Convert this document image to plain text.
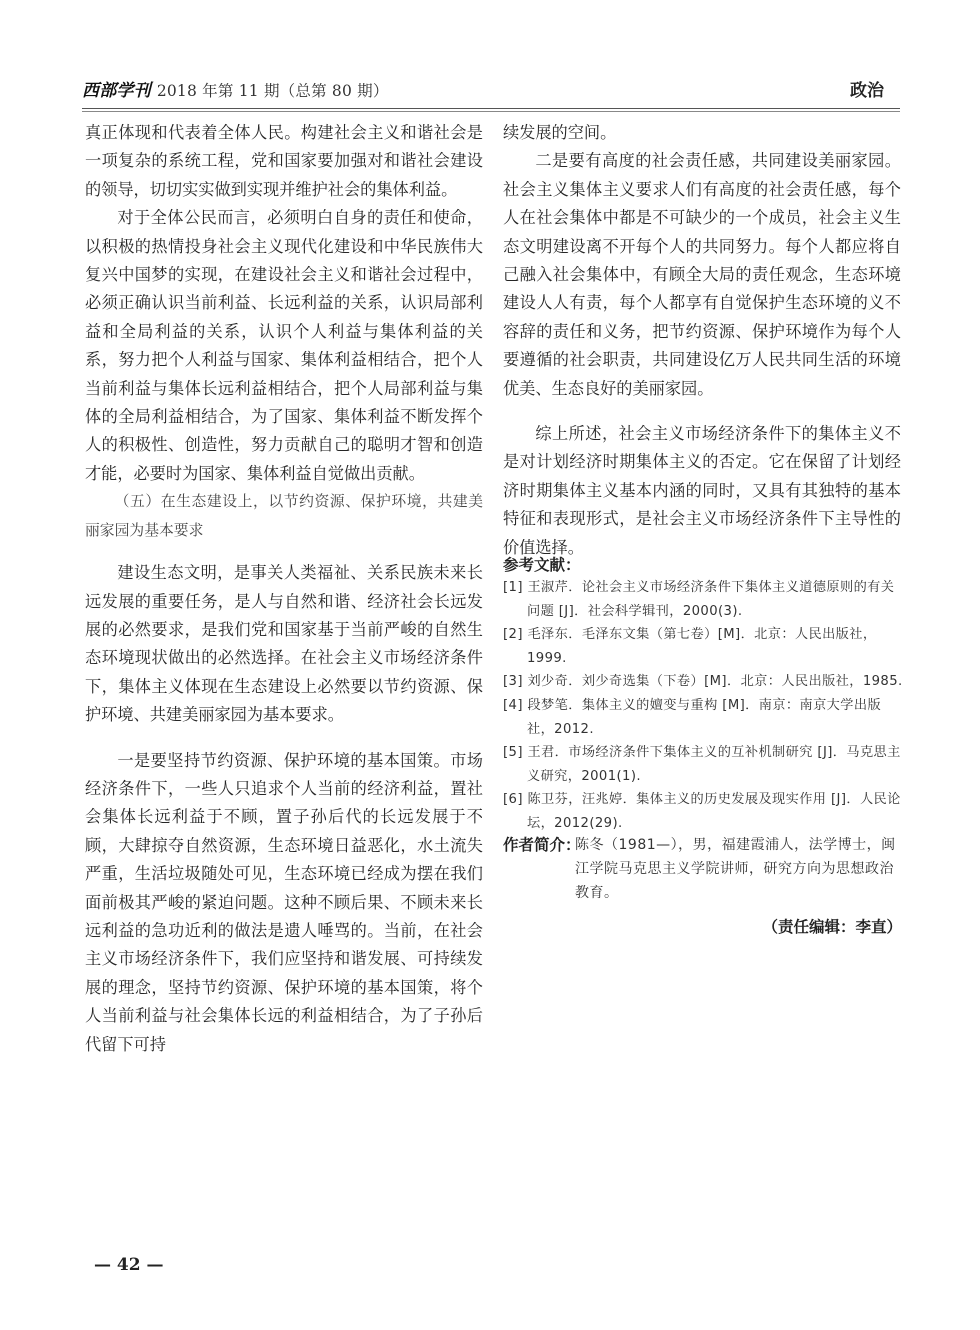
西部学刊 2018 年第 11 期（总第 80 期）	政治

真正体现和代表着全体人民。构建社会主义和谐社会是一项复杂的系统工程，党和国家要加强对和谐社会建设的领导，切切实实做到实现并维护社会的集体利益。

对于全体公民而言，必须明白自身的责任和使命，以积极的热情投身社会主义现代化建设和中华民族伟大复兴中国梦的实现，在建设社会主义和谐社会过程中，必须正确认识当前利益、长远利益的关系，认识局部利益和全局利益的关系，认识个人利益与集体利益的关系，努力把个人利益与国家、集体利益相结合，把个人当前利益与集体长远利益相结合，把个人局部利益与集体的全局利益相结合，为了国家、集体利益不断发挥个人的积极性、创造性，努力贡献自己的聪明才智和创造才能，必要时为国家、集体利益自觉做出贡献。

（五）在生态建设上，以节约资源、保护环境，共建美丽家园为基本要求

建设生态文明，是事关人类福祉、关系民族未来长远发展的重要任务，是人与自然和谐、经济社会长远发展的必然要求，是我们党和国家基于当前严峻的自然生态环境现状做出的必然选择。在社会主义市场经济条件下，集体主义体现在生态建设上必然要以节约资源、保护环境、共建美丽家园为基本要求。

一是要坚持节约资源、保护环境的基本国策。市场经济条件下，一些人只追求个人当前的经济利益，置社会集体长远利益于不顾，置子孙后代的长远发展于不顾，大肆掠夺自然资源，生态环境日益恶化，水土流失严重，生活垃圾随处可见，生态环境已经成为摆在我们面前极其严峻的紧迫问题。这种不顾后果、不顾未来长远利益的急功近利的做法是遗人唾骂的。当前，在社会主义市场经济条件下，我们应坚持和谐发展、可持续发展的理念，坚持节约资源、保护环境的基本国策，将个人当前利益与社会集体长远的利益相结合，为了子孙后代留下可持

续发展的空间。

二是要有高度的社会责任感，共同建设美丽家园。社会主义集体主义要求人们有高度的社会责任感，每个人在社会集体中都是不可缺少的一个成员，社会主义生态文明建设离不开每个人的共同努力。每个人都应将自己融入社会集体中，有顾全大局的责任观念，生态环境建设人人有责，每个人都享有自觉保护生态环境的义不容辞的责任和义务，把节约资源、保护环境作为每个人要遵循的社会职责，共同建设亿万人民共同生活的环境优美、生态良好的美丽家园。

综上所述，社会主义市场经济条件下的集体主义不是对计划经济时期集体主义的否定。它在保留了计划经济时期集体主义基本内涵的同时，又具有其独特的基本特征和表现形式，是社会主义市场经济条件下主导性的价值选择。

参考文献：
[1] 王淑芹．论社会主义市场经济条件下集体主义道德原则的有关问题 [J]．社会科学辑刊，2000(3).
[2] 毛泽东．毛泽东文集（第七卷）[M]．北京：人民出版社，1999.
[3] 刘少奇．刘少奇选集（下卷）[M]．北京：人民出版社，1985.
[4] 段梦笔．集体主义的嬗变与重构 [M]．南京：南京大学出版社，2012.
[5] 王君．市场经济条件下集体主义的互补机制研究 [J]．马克思主义研究，2001(1).
[6] 陈卫芬，汪兆婷．集体主义的历史发展及现实作用 [J]．人民论坛，2012(29).
作者简介：
陈冬（1981—），男，福建霞浦人，法学博士，闽江学院马克思主义学院讲师，研究方向为思想政治教育。
（责任编辑：李直）
— 42 —
